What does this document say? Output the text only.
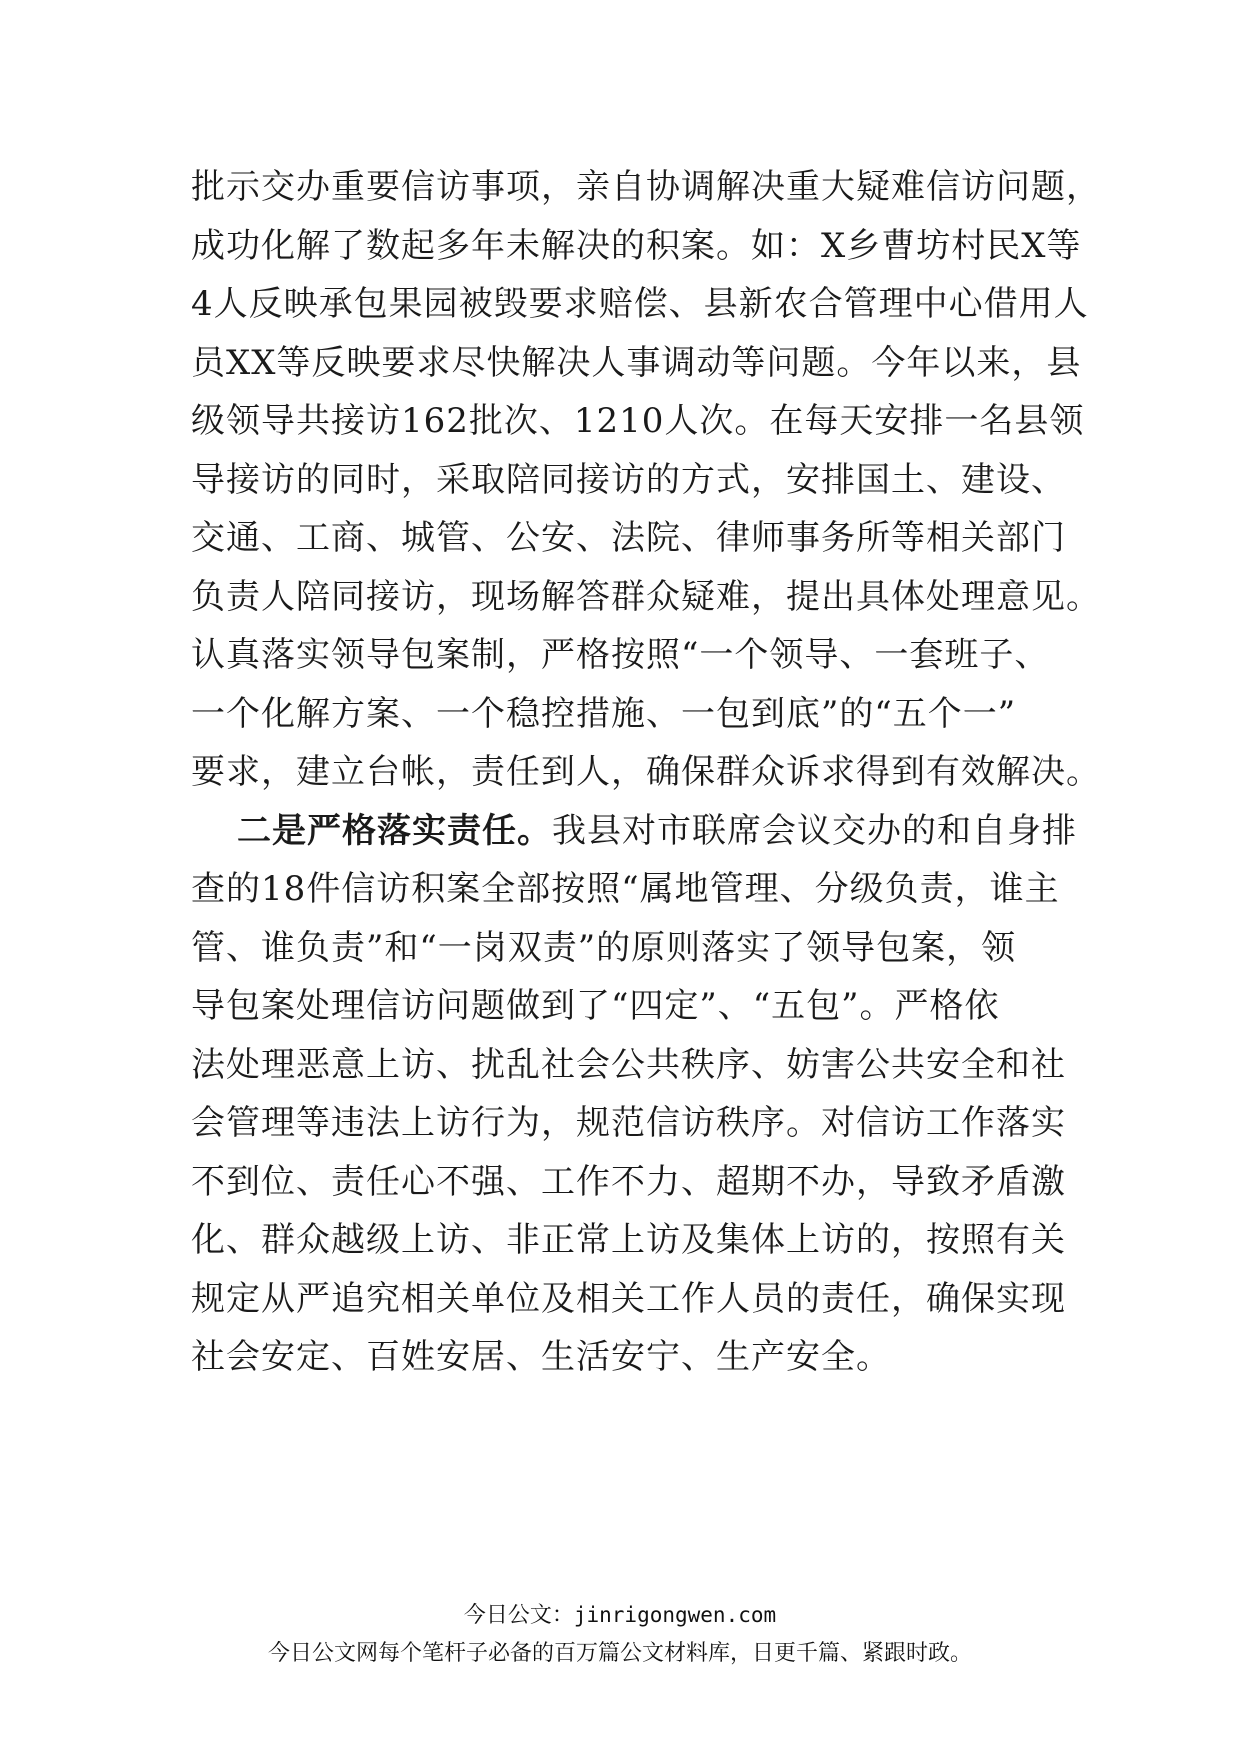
批示交办重要信访事项，亲自协调解决重大疑难信访问题，
成功化解了数起多年未解决的积案。如：X乡曹坊村民X等
4人反映承包果园被毁要求赔偿、县新农合管理中心借用人
员XX等反映要求尽快解决人事调动等问题。今年以来，县
级领导共接访162批次、1210人次。在每天安排一名县领
导接访的同时，采取陪同接访的方式，安排国土、建设、
交通、工商、城管、公安、法院、律师事务所等相关部门
负责人陪同接访，现场解答群众疑难，提出具体处理意见。
认真落实领导包案制，严格按照“一个领导、一套班子、
一个化解方案、一个稳控措施、一包到底”的“五个一”
要求，建立台帐，责任到人，确保群众诉求得到有效解决。
二是严格落实责任。我县对市联席会议交办的和自身排
查的18件信访积案全部按照“属地管理、分级负责，谁主
管、谁负责”和“一岗双责”的原则落实了领导包案，领
导包案处理信访问题做到了“四定”、“五包”。严格依
法处理恶意上访、扰乱社会公共秩序、妨害公共安全和社
会管理等违法上访行为，规范信访秩序。对信访工作落实
不到位、责任心不强、工作不力、超期不办，导致矛盾激
化、群众越级上访、非正常上访及集体上访的，按照有关
规定从严追究相关单位及相关工作人员的责任，确保实现
社会安定、百姓安居、生活安宁、生产安全。
今日公文：jinrigongwen.com
今日公文网每个笔杆子必备的百万篇公文材料库，日更千篇、紧跟时政。
